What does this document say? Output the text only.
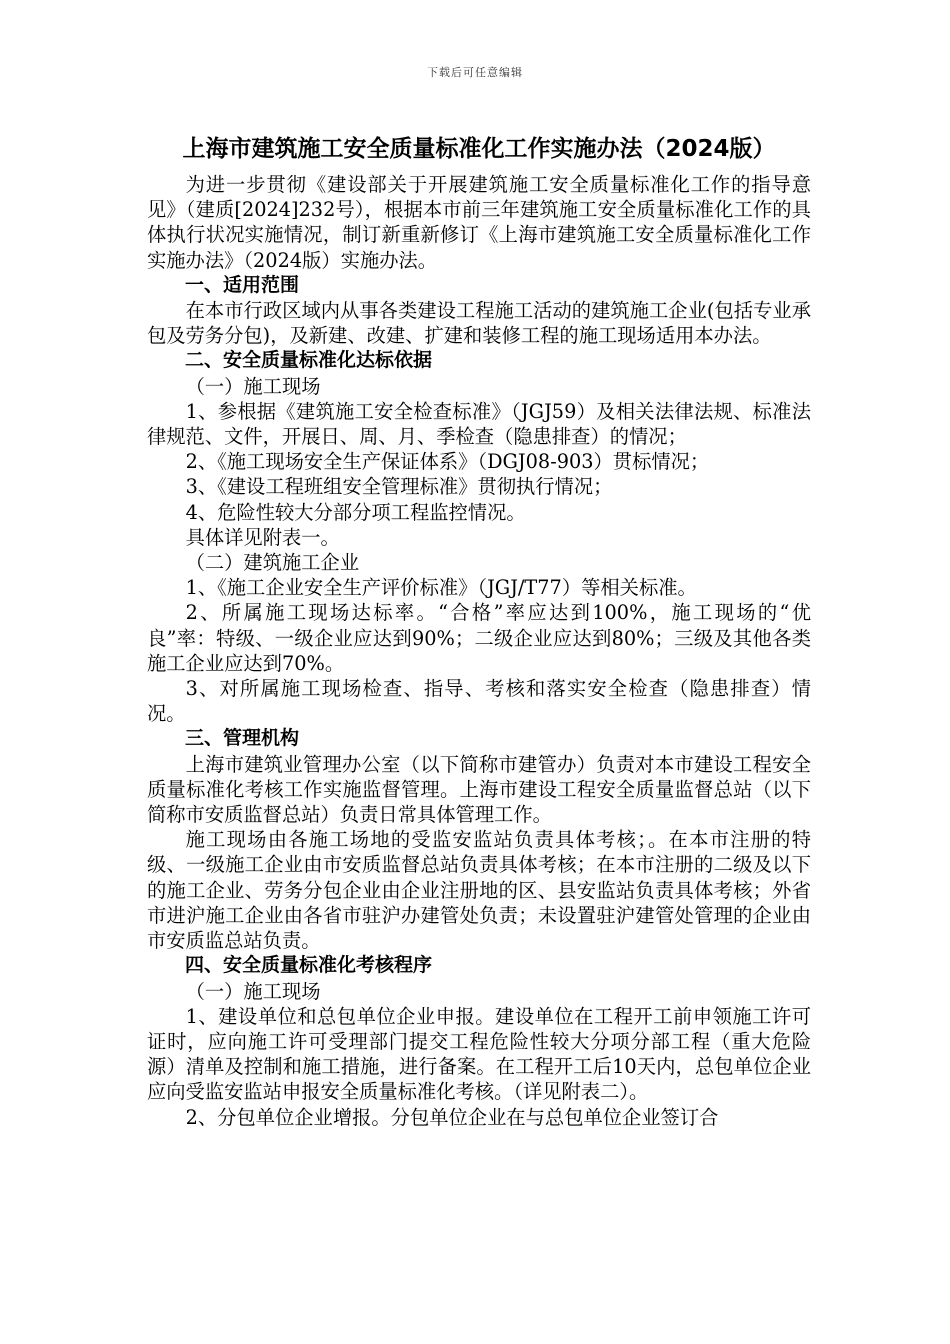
下载后可任意编辑
上海市建筑施工安全质量标准化工作实施办法（2024版）

为进一步贯彻《建设部关于开展建筑施工安全质量标准化工作的指导意见》（建质[2024]232号），根据本市前三年建筑施工安全质量标准化工作的具体执行状况实施情况，制订新重新修订《上海市建筑施工安全质量标准化工作实施办法》（2024版）实施办法。

一、适用范围

在本市行政区域内从事各类建设工程施工活动的建筑施工企业(包括专业承包及劳务分包)，及新建、改建、扩建和装修工程的施工现场适用本办法。

二、安全质量标准化达标依据

（一）施工现场

1、参根据《建筑施工安全检查标准》（JGJ59）及相关法律法规、标准法律规范、文件，开展日、周、月、季检查（隐患排查）的情况；

2、《施工现场安全生产保证体系》（DGJ08-903）贯标情况；

3、《建设工程班组安全管理标准》贯彻执行情况；

4、危险性较大分部分项工程监控情况。

具体详见附表一。

（二）建筑施工企业

1、《施工企业安全生产评价标准》（JGJ/T77）等相关标准。

2、所属施工现场达标率。“合格”率应达到100%，施工现场的“优良”率：特级、一级企业应达到90%；二级企业应达到80%；三级及其他各类施工企业应达到70%。

3、对所属施工现场检查、指导、考核和落实安全检查（隐患排查）情况。

三、管理机构

上海市建筑业管理办公室（以下简称市建管办）负责对本市建设工程安全质量标准化考核工作实施监督管理。上海市建设工程安全质量监督总站（以下简称市安质监督总站）负责日常具体管理工作。

施工现场由各施工场地的受监安监站负责具体考核；。在本市注册的特级、一级施工企业由市安质监督总站负责具体考核；在本市注册的二级及以下的施工企业、劳务分包企业由企业注册地的区、县安监站负责具体考核；外省市进沪施工企业由各省市驻沪办建管处负责；未设置驻沪建管处管理的企业由市安质监总站负责。

四、安全质量标准化考核程序

（一）施工现场

1、建设单位和总包单位企业申报。建设单位在工程开工前申领施工许可证时，应向施工许可受理部门提交工程危险性较大分项分部工程（重大危险源）清单及控制和施工措施，进行备案。在工程开工后10天内，总包单位企业应向受监安监站申报安全质量标准化考核。（详见附表二）。

2、分包单位企业增报。分包单位企业在与总包单位企业签订合
